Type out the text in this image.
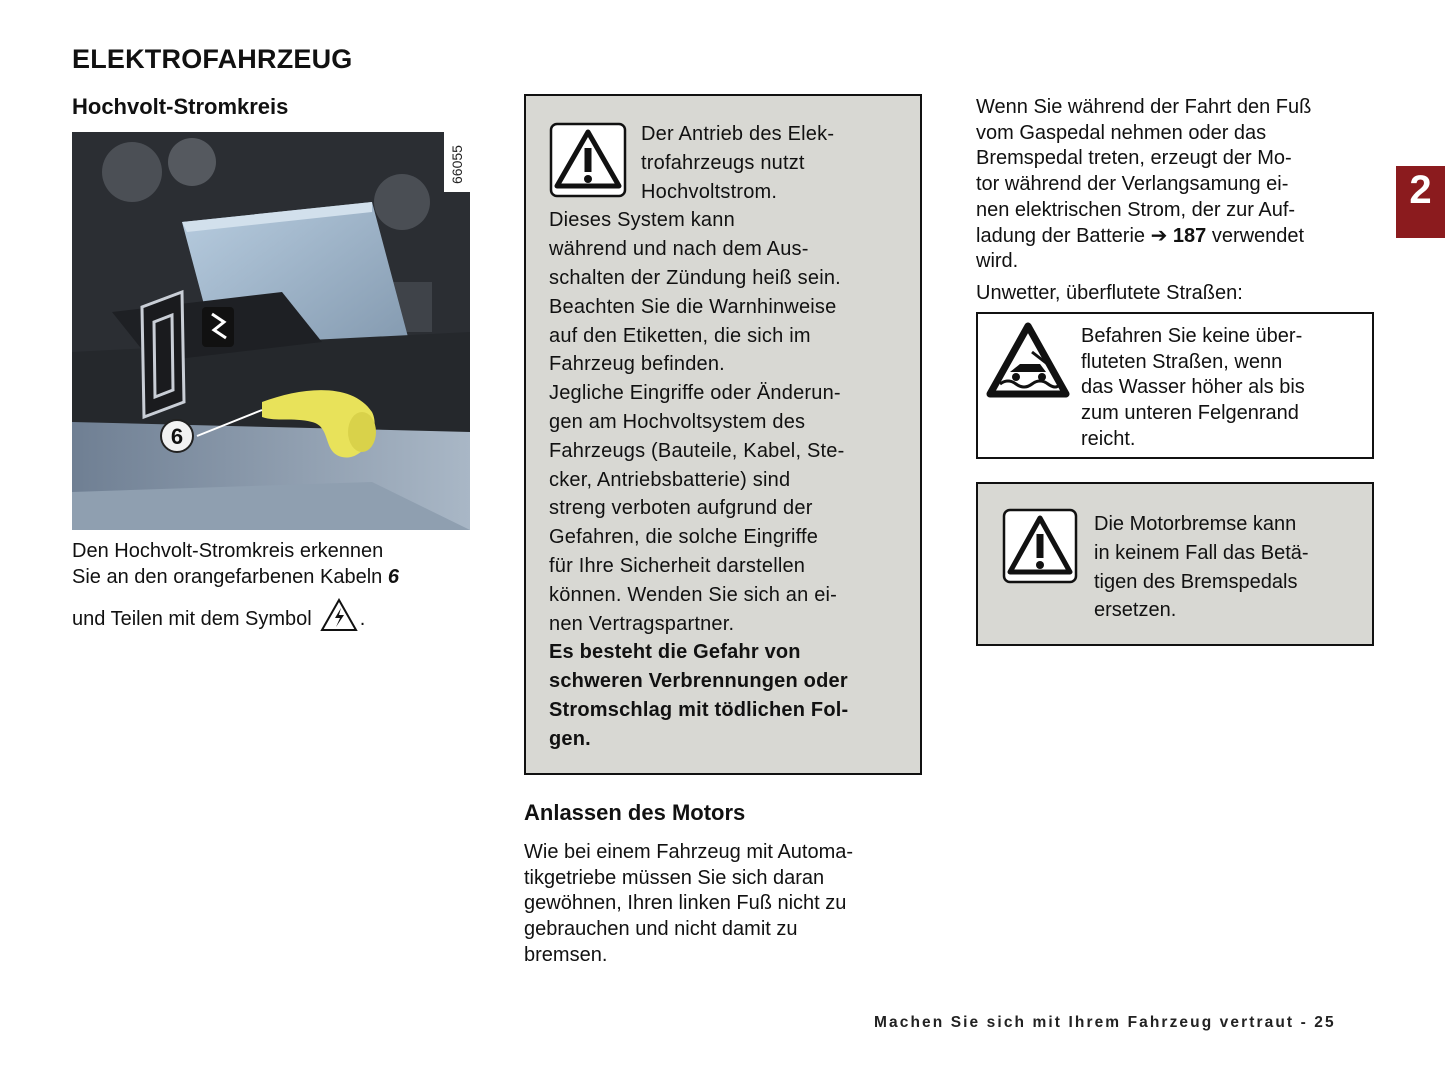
ELEKTROFAHRZEUG
Hochvolt-Stromkreis
6
66055
Den Hochvolt-Stromkreis erkennen
Sie an den orangefarbenen Kabeln 6
und Teilen mit dem Symbol .
Der Antrieb des Elek-
trofahrzeugs nutzt
Hochvoltstrom.
Dieses System kann
während und nach dem Aus-
schalten der Zündung heiß sein.
Beachten Sie die Warnhinweise
auf den Etiketten, die sich im
Fahrzeug befinden.
Jegliche Eingriffe oder Änderun-
gen am Hochvoltsystem des
Fahrzeugs (Bauteile, Kabel, Ste-
cker, Antriebsbatterie) sind
streng verboten aufgrund der
Gefahren, die solche Eingriffe
für Ihre Sicherheit darstellen
können. Wenden Sie sich an ei-
nen Vertragspartner.
Es besteht die Gefahr von
schweren Verbrennungen oder
Stromschlag mit tödlichen Fol-
gen.
Anlassen des Motors
Wie bei einem Fahrzeug mit Automa-
tikgetriebe müssen Sie sich daran
gewöhnen, Ihren linken Fuß nicht zu
gebrauchen und nicht damit zu
bremsen.
Wenn Sie während der Fahrt den Fuß
vom Gaspedal nehmen oder das
Bremspedal treten, erzeugt der Mo-
tor während der Verlangsamung ei-
nen elektrischen Strom, der zur Auf-
ladung der Batterie ➔ 187 verwendet
wird.
Unwetter, überflutete Straßen:
Befahren Sie keine über-
fluteten Straßen, wenn
das Wasser höher als bis
zum unteren Felgenrand
reicht.
Die Motorbremse kann
in keinem Fall das Betä-
tigen des Bremspedals
ersetzen.
2
Machen Sie sich mit Ihrem Fahrzeug vertraut - 25
